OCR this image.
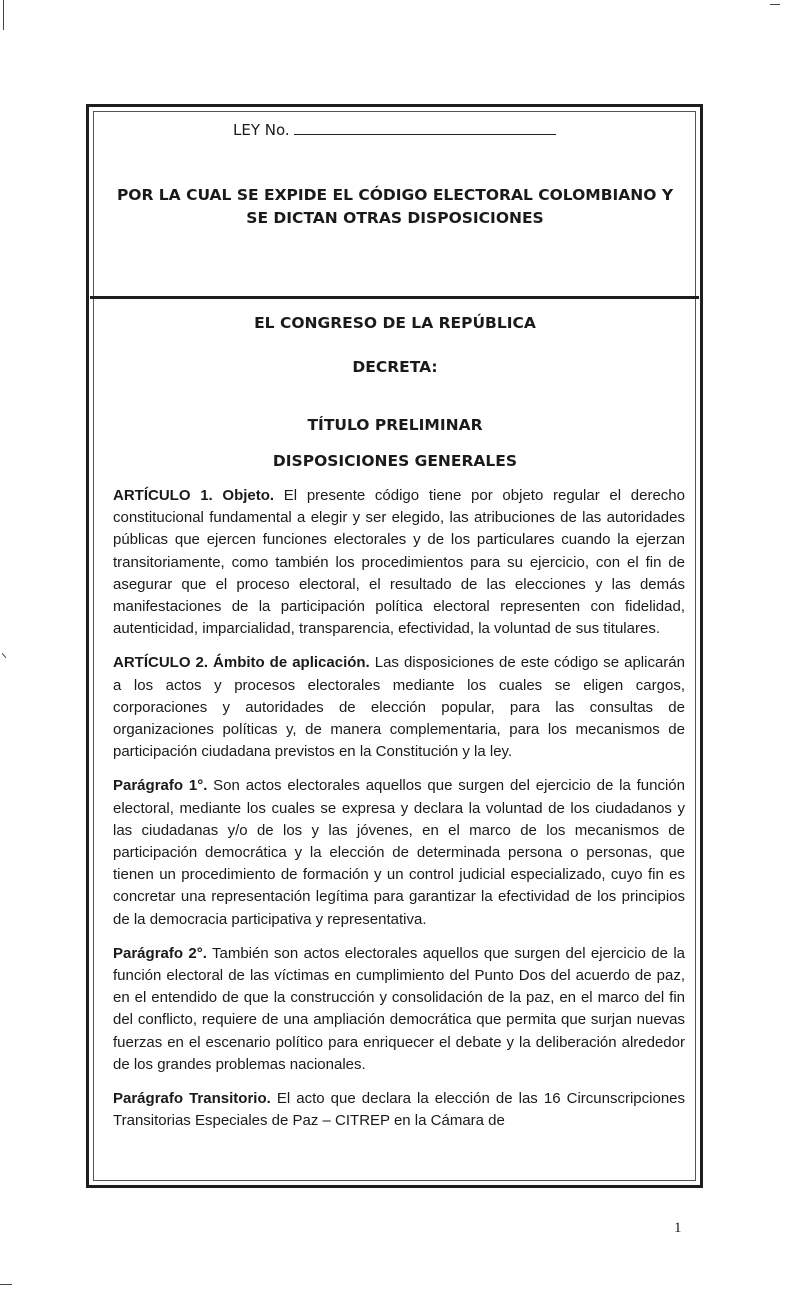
LEY No.
POR LA CUAL SE EXPIDE EL CÓDIGO ELECTORAL COLOMBIANO Y SE DICTAN OTRAS DISPOSICIONES
EL CONGRESO DE LA REPÚBLICA
DECRETA:
TÍTULO PRELIMINAR
DISPOSICIONES GENERALES

ARTÍCULO 1. Objeto. El presente código tiene por objeto regular el derecho constitucional fundamental a elegir y ser elegido, las atribuciones de las autoridades públicas que ejercen funciones electorales y de los particulares cuando la ejerzan transitoriamente, como también los procedimientos para su ejercicio, con el fin de asegurar que el proceso electoral, el resultado de las elecciones y las demás manifestaciones de la participación política electoral representen con fidelidad, autenticidad, imparcialidad, transparencia, efectividad, la voluntad de sus titulares.

ARTÍCULO 2. Ámbito de aplicación. Las disposiciones de este código se aplicarán a los actos y procesos electorales mediante los cuales se eligen cargos, corporaciones y autoridades de elección popular, para las consultas de organizaciones políticas y, de manera complementaria, para los mecanismos de participación ciudadana previstos en la Constitución y la ley.

Parágrafo 1°. Son actos electorales aquellos que surgen del ejercicio de la función electoral, mediante los cuales se expresa y declara la voluntad de los ciudadanos y las ciudadanas y/o de los y las jóvenes, en el marco de los mecanismos de participación democrática y la elección de determinada persona o personas, que tienen un procedimiento de formación y un control judicial especializado, cuyo fin es concretar una representación legítima para garantizar la efectividad de los principios de la democracia participativa y representativa.

Parágrafo 2°. También son actos electorales aquellos que surgen del ejercicio de la función electoral de las víctimas en cumplimiento del Punto Dos del acuerdo de paz, en el entendido de que la construcción y consolidación de la paz, en el marco del fin del conflicto, requiere de una ampliación democrática que permita que surjan nuevas fuerzas en el escenario político para enriquecer el debate y la deliberación alrededor de los grandes problemas nacionales.

Parágrafo Transitorio. El acto que declara la elección de las 16 Circunscripciones Transitorias Especiales de Paz – CITREP en la Cámara de

1
